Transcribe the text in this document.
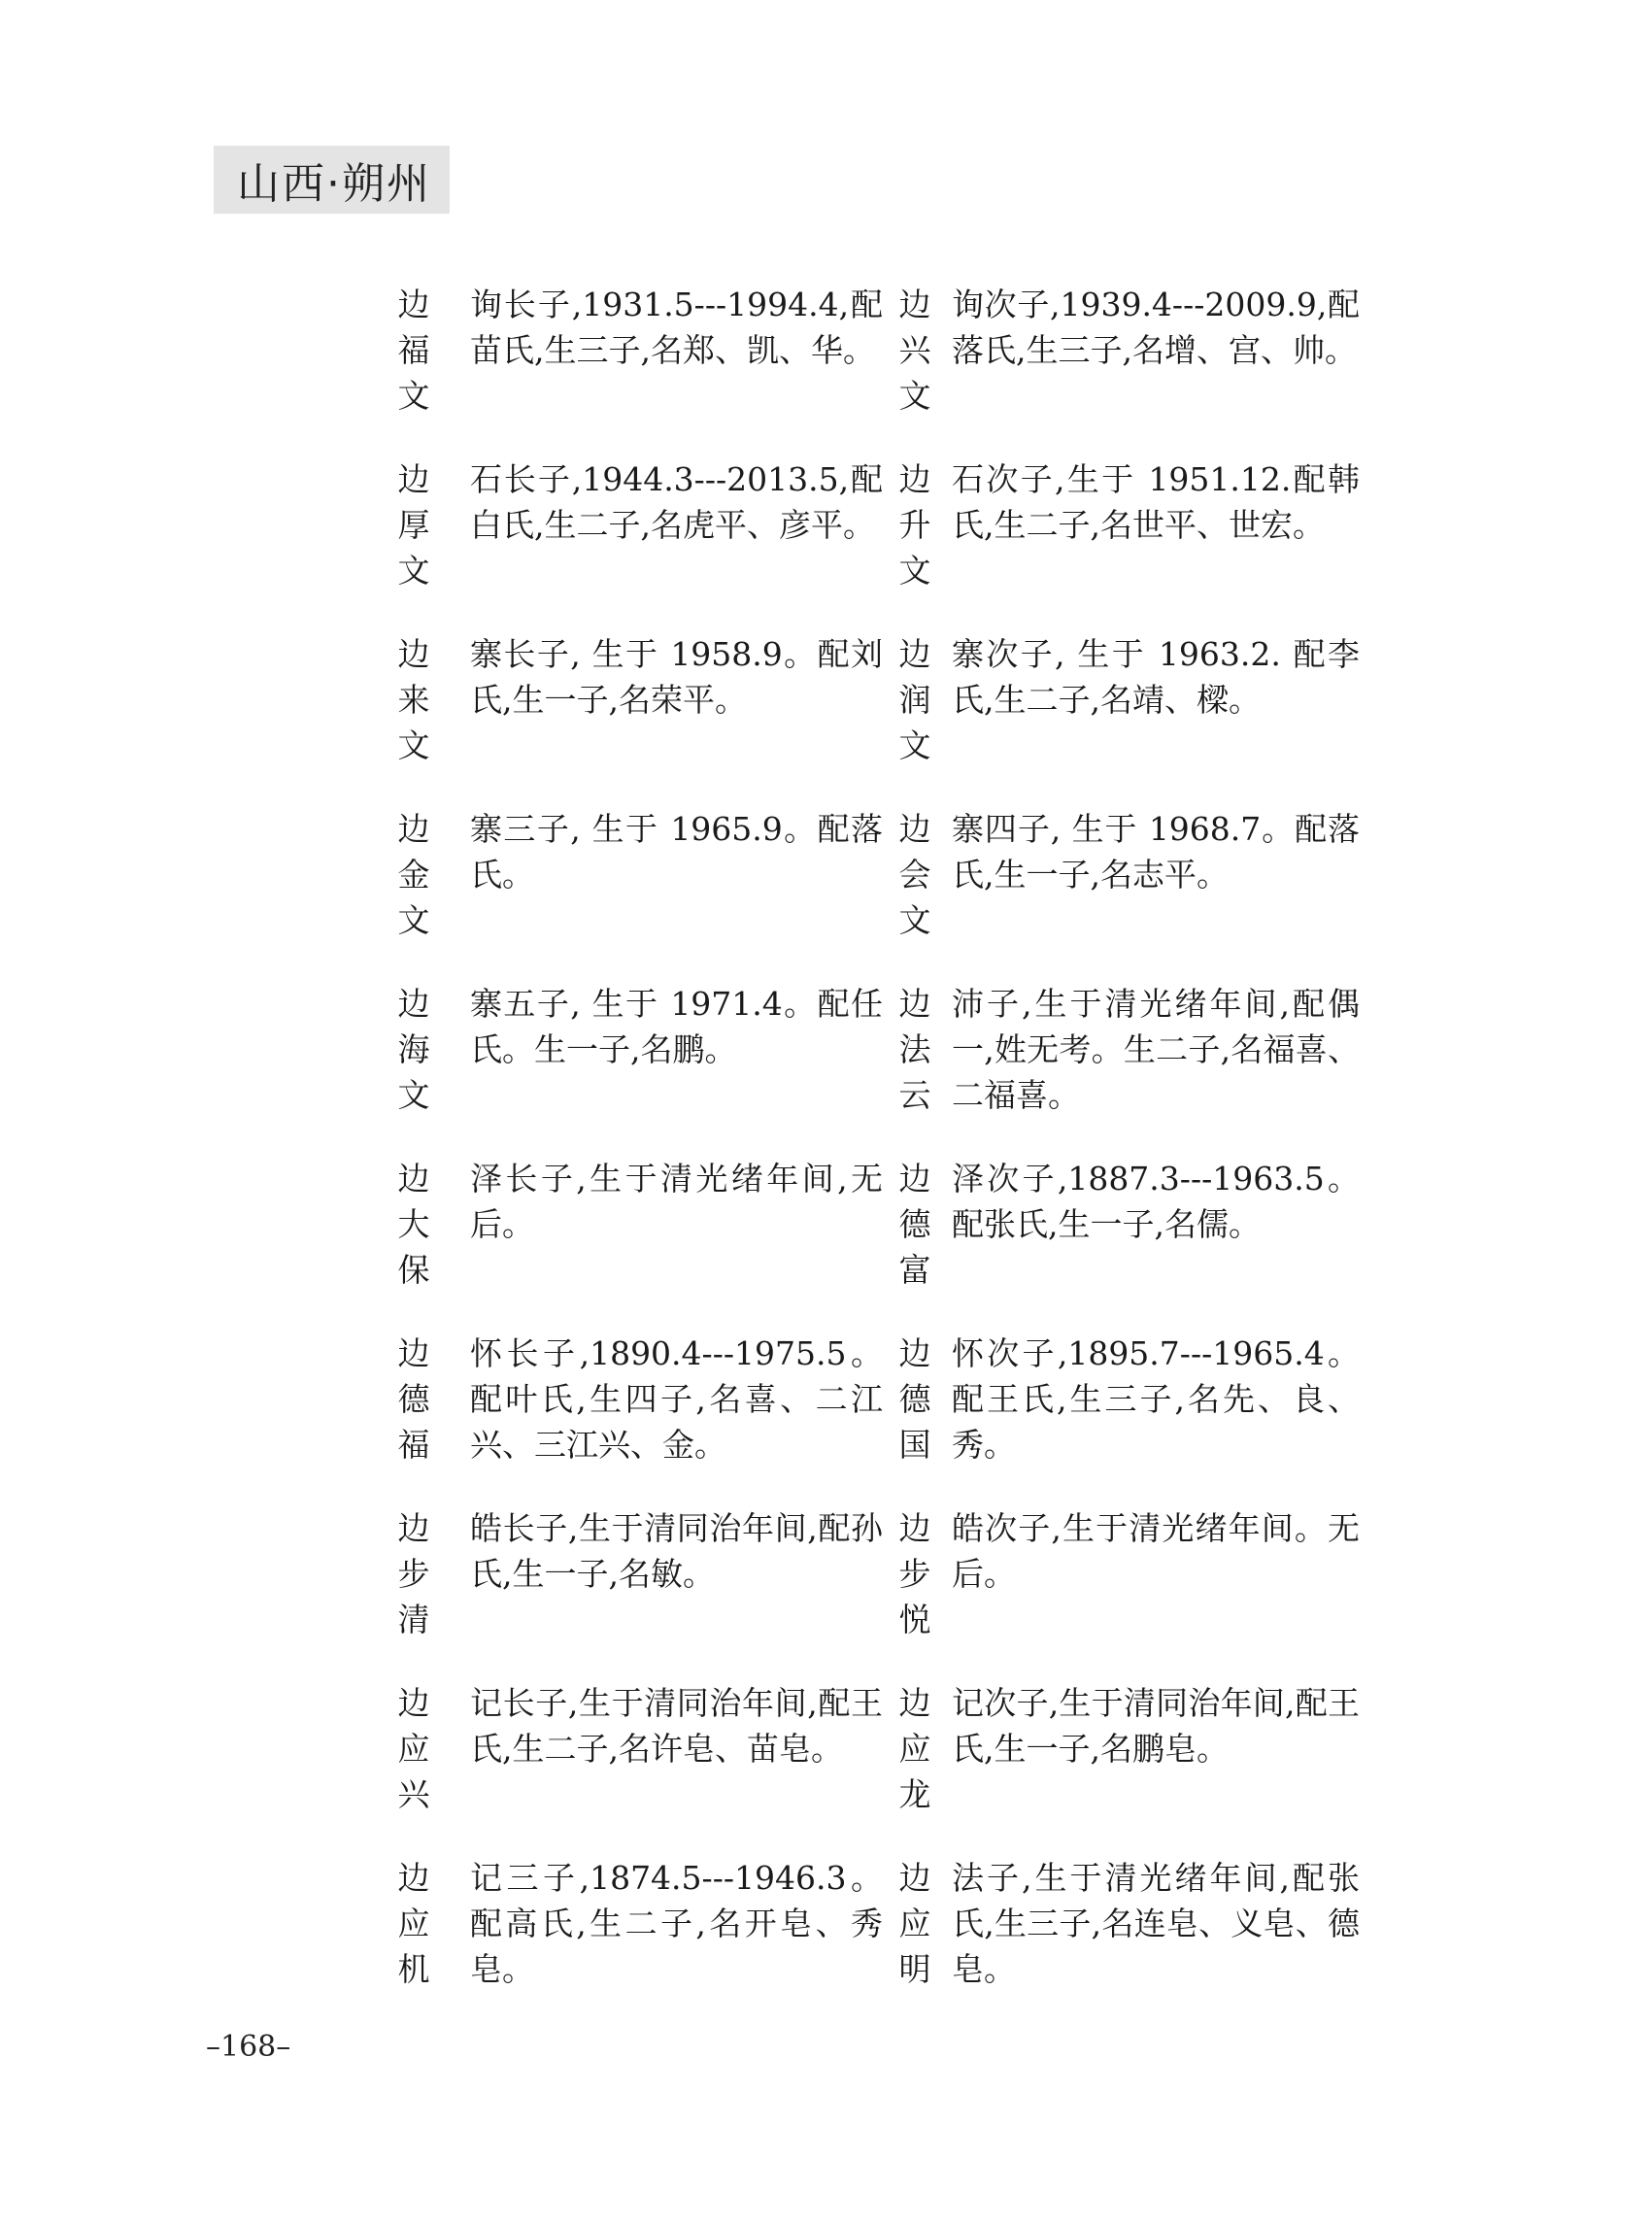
山西·朔州
边
福
文
询长子,1931.5---1994.4,配苗氏,生三子,名郑、凯、华。
边
兴
文
询次子,1939.4---2009.9,配落氏,生三子,名增、宫、帅。
边
厚
文
石长子,1944.3---2013.5,配白氏,生二子,名虎平、彦平。
边
升
文
石次子,生于 1951.12.配韩氏,生二子,名世平、世宏。
边
来
文
寨长子, 生于 1958.9。配刘氏,生一子,名荣平。
边
润
文
寨次子, 生于 1963.2. 配李氏,生二子,名靖、樑。
边
金
文
寨三子, 生于 1965.9。配落氏。
边
会
文
寨四子, 生于 1968.7。配落氏,生一子,名志平。
边
海
文
寨五子, 生于 1971.4。配任氏。生一子,名鹏。
边
法
云
沛子,生于清光绪年间,配偶一,姓无考。生二子,名福喜、二福喜。
边
大
保
泽长子,生于清光绪年间,无后。
边
德
富
泽次子,1887.3---1963.5。配张氏,生一子,名儒。
边
德
福
怀长子,1890.4---1975.5。配叶氏,生四子,名喜、二江兴、三江兴、金。
边
德
国
怀次子,1895.7---1965.4。配王氏,生三子,名先、良、秀。
边
步
清
皓长子,生于清同治年间,配孙氏,生一子,名敏。
边
步
悦
皓次子,生于清光绪年间。无后。
边
应
兴
记长子,生于清同治年间,配王氏,生二子,名许皂、苗皂。
边
应
龙
记次子,生于清同治年间,配王氏,生一子,名鹏皂。
边
应
机
记三子,1874.5---1946.3。配高氏,生二子,名开皂、秀皂。
边
应
明
法子,生于清光绪年间,配张氏,生三子,名连皂、义皂、德皂。
–168–
